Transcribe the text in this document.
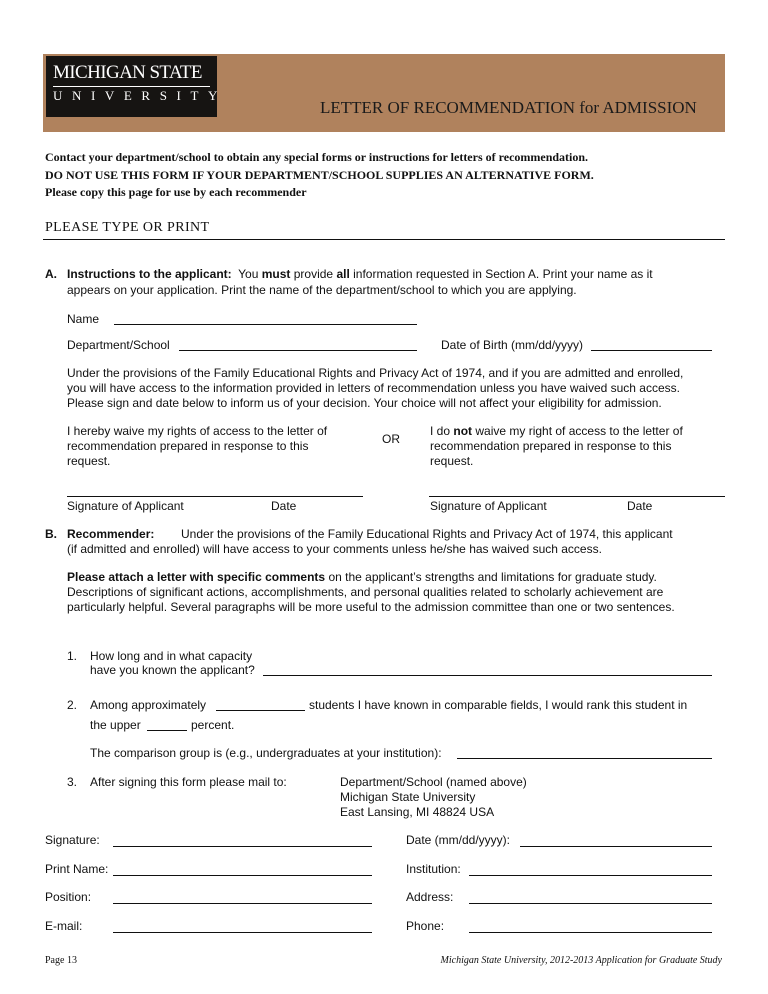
MICHIGAN STATE
UNIVERSITY
LETTER OF RECOMMENDATION for ADMISSION
Contact your department/school to obtain any special forms or instructions for letters of recommendation.
DO NOT USE THIS FORM IF YOUR DEPARTMENT/SCHOOL SUPPLIES AN ALTERNATIVE FORM.
Please copy this page for use by each recommender
PLEASE TYPE OR PRINT
A. Instructions to the applicant: You must provide all information requested in Section A. Print your name as it
appears on your application. Print the name of the department/school to which you are applying.
Name
Department/School	Date of Birth (mm/dd/yyyy)
Under the provisions of the Family Educational Rights and Privacy Act of 1974, and if you are admitted and enrolled,
you will have access to the information provided in letters of recommendation unless you have waived such access.
Please sign and date below to inform us of your decision. Your choice will not affect your eligibility for admission.
I hereby waive my rights of access to the letter of
recommendation prepared in response to this
request.
OR
I do not waive my right of access to the letter of
recommendation prepared in response to this
request.
Signature of Applicant	Date	Signature of Applicant	Date
B. Recommender: Under the provisions of the Family Educational Rights and Privacy Act of 1974, this applicant
(if admitted and enrolled) will have access to your comments unless he/she has waived such access.
Please attach a letter with specific comments on the applicant’s strengths and limitations for graduate study.
Descriptions of significant actions, accomplishments, and personal qualities related to scholarly achievement are
particularly helpful. Several paragraphs will be more useful to the admission committee than one or two sentences.
1. How long and in what capacity
have you known the applicant?
2. Among approximately	students I have known in comparable fields, I would rank this student in
the upper	percent.
The comparison group is (e.g., undergraduates at your institution):
3. After signing this form please mail to:	Department/School (named above)
Michigan State University
East Lansing, MI 48824 USA
Signature:	Date (mm/dd/yyyy):
Print Name:	Institution:
Position:	Address:
E-mail:	Phone:
Page 13	Michigan State University, 2012-2013 Application for Graduate Study
